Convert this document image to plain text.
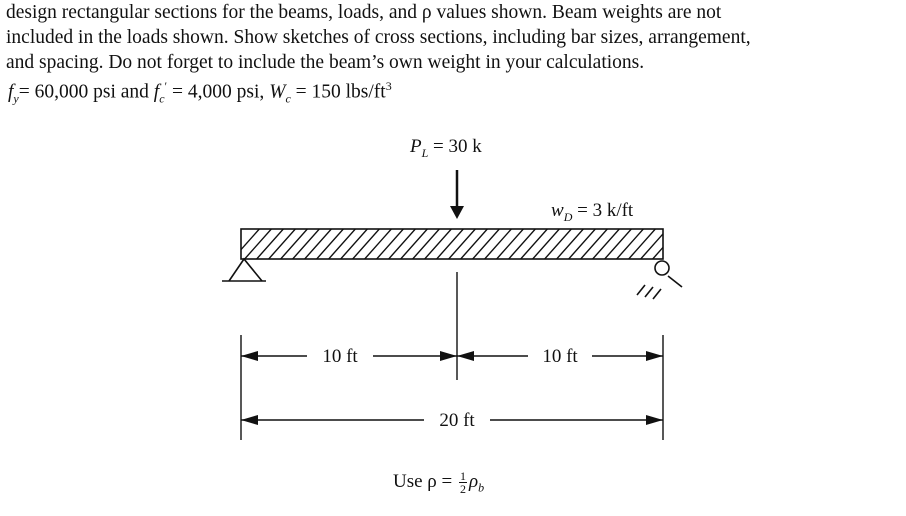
design rectangular sections for the beams, loads, and ρ values shown. Beam weights are not

included in the loads shown. Show sketches of cross sections, including bar sizes, arrangement,

and spacing. Do not forget to include the beam’s own weight in your calculations.

$f_y= 60,000$ psi and $f_c' = 4,000$ psi, $W_c = 150$ lbs/$ft^3$
$P_L = 30$ k
$w_D = 3$ k/ft
10 ft	10 ft
20 ft
Use $\rho = \frac{1}{2} \rho_b$
